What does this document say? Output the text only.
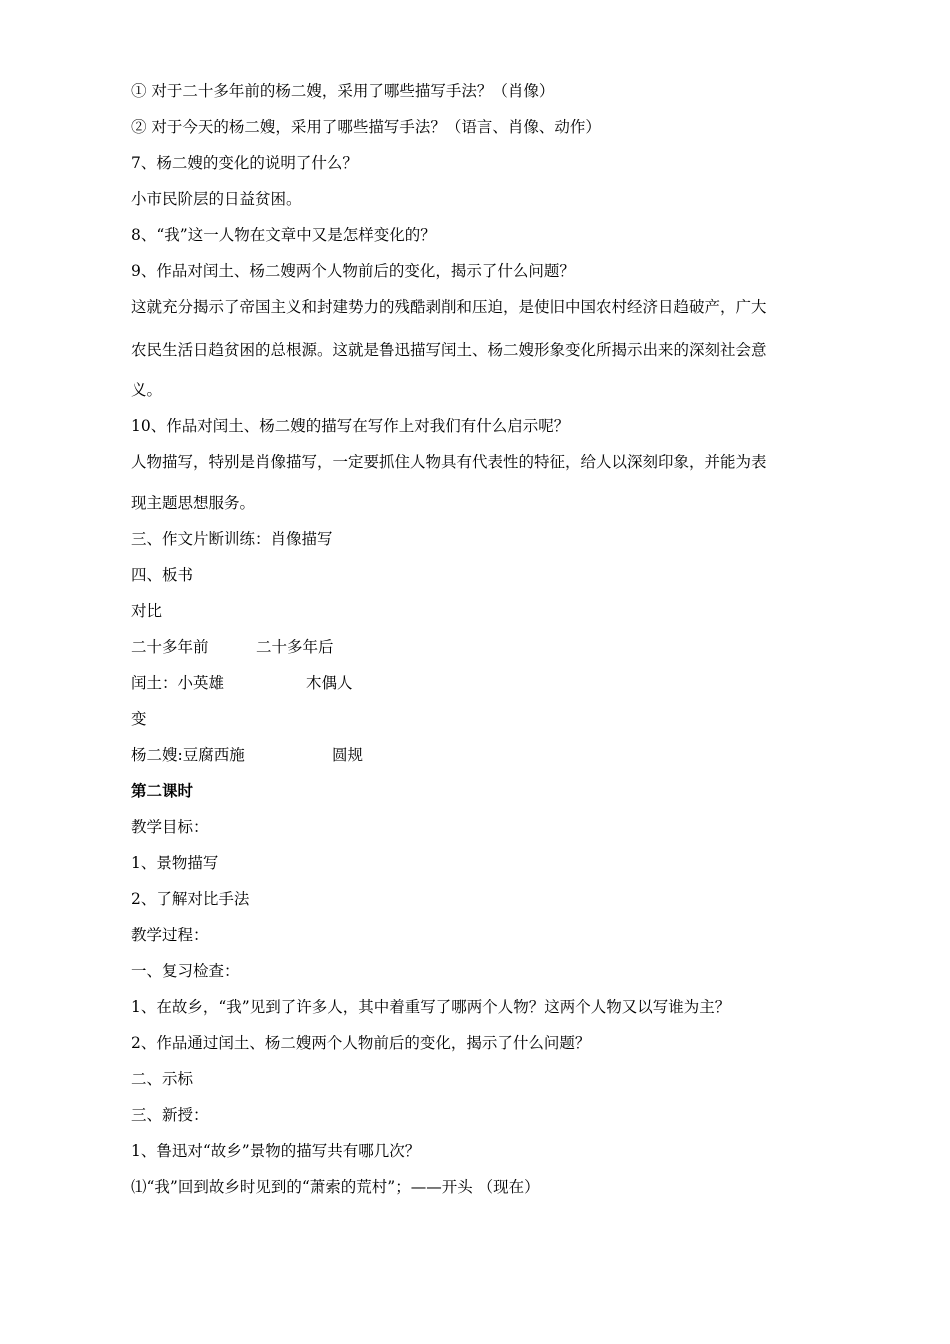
① 对于二十多年前的杨二嫂，采用了哪些描写手法？（肖像）
② 对于今天的杨二嫂，采用了哪些描写手法？（语言、肖像、动作）
7、杨二嫂的变化的说明了什么？
小市民阶层的日益贫困。
8、“我”这一人物在文章中又是怎样变化的？
9、作品对闰土、杨二嫂两个人物前后的变化，揭示了什么问题？
这就充分揭示了帝国主义和封建势力的残酷剥削和压迫，是使旧中国农村经济日趋破产，广大
农民生活日趋贫困的总根源。这就是鲁迅描写闰土、杨二嫂形象变化所揭示出来的深刻社会意
义。
10、作品对闰土、杨二嫂的描写在写作上对我们有什么启示呢？
人物描写，特别是肖像描写，一定要抓住人物具有代表性的特征，给人以深刻印象，并能为表
现主题思想服务。
三、作文片断训练：肖像描写
四、板书
对比
二十多年前	二十多年后
闰土：小英雄	木偶人
变
杨二嫂:豆腐西施	圆规
第二课时
教学目标：
1、景物描写
2、了解对比手法
教学过程：
一、复习检查：
1、在故乡，“我”见到了许多人，其中着重写了哪两个人物？这两个人物又以写谁为主？
2、作品通过闰土、杨二嫂两个人物前后的变化，揭示了什么问题？
二、示标
三、新授：
1、鲁迅对“故乡”景物的描写共有哪几次？
⑴“我”回到故乡时见到的“萧索的荒村”；——开头 （现在）
